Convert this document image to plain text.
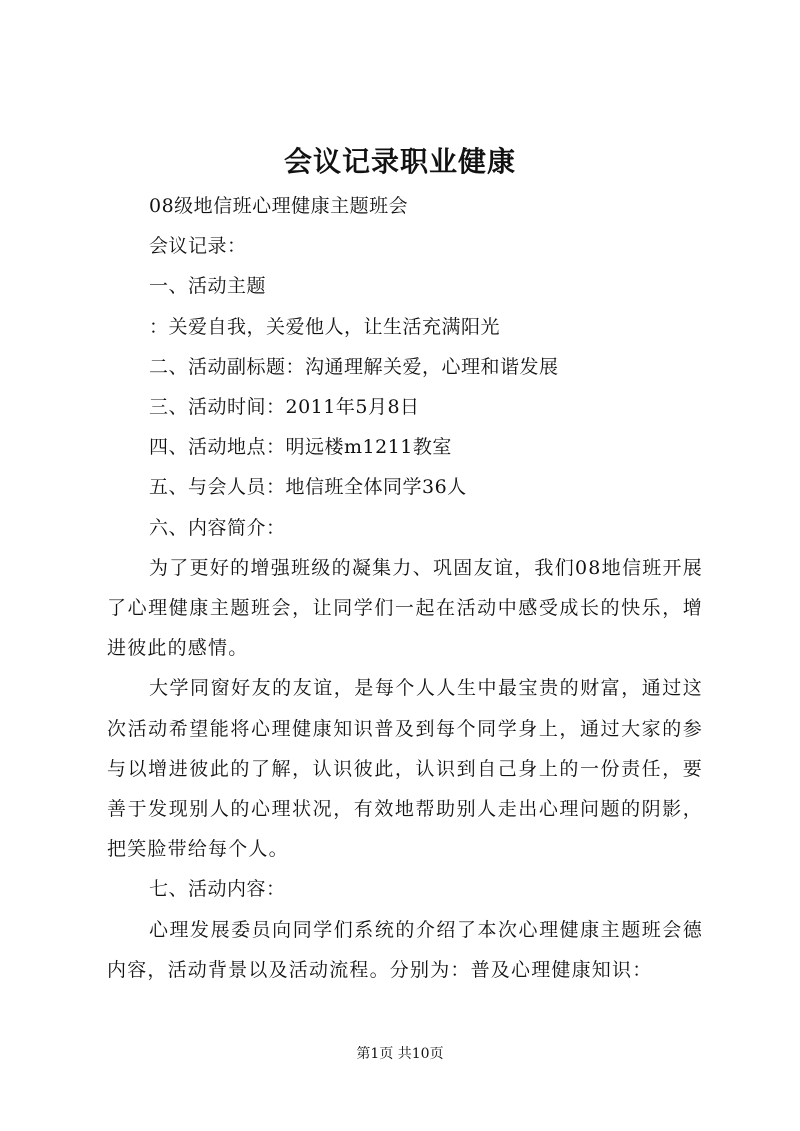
会议记录职业健康
08级地信班心理健康主题班会
会议记录：
一、活动主题
：关爱自我，关爱他人，让生活充满阳光
二、活动副标题：沟通理解关爱，心理和谐发展
三、活动时间：2011年5月8日
四、活动地点：明远楼m1211教室
五、与会人员：地信班全体同学36人
六、内容简介：

为了更好的增强班级的凝集力、巩固友谊，我们08地信班开展了心理健康主题班会，让同学们一起在活动中感受成长的快乐，增进彼此的感情。

大学同窗好友的友谊，是每个人人生中最宝贵的财富，通过这次活动希望能将心理健康知识普及到每个同学身上，通过大家的参与以增进彼此的了解，认识彼此，认识到自己身上的一份责任，要善于发现别人的心理状况，有效地帮助别人走出心理问题的阴影，把笑脸带给每个人。

七、活动内容：

心理发展委员向同学们系统的介绍了本次心理健康主题班会德内容，活动背景以及活动流程。分别为：普及心理健康知识：

第1页 共10页
